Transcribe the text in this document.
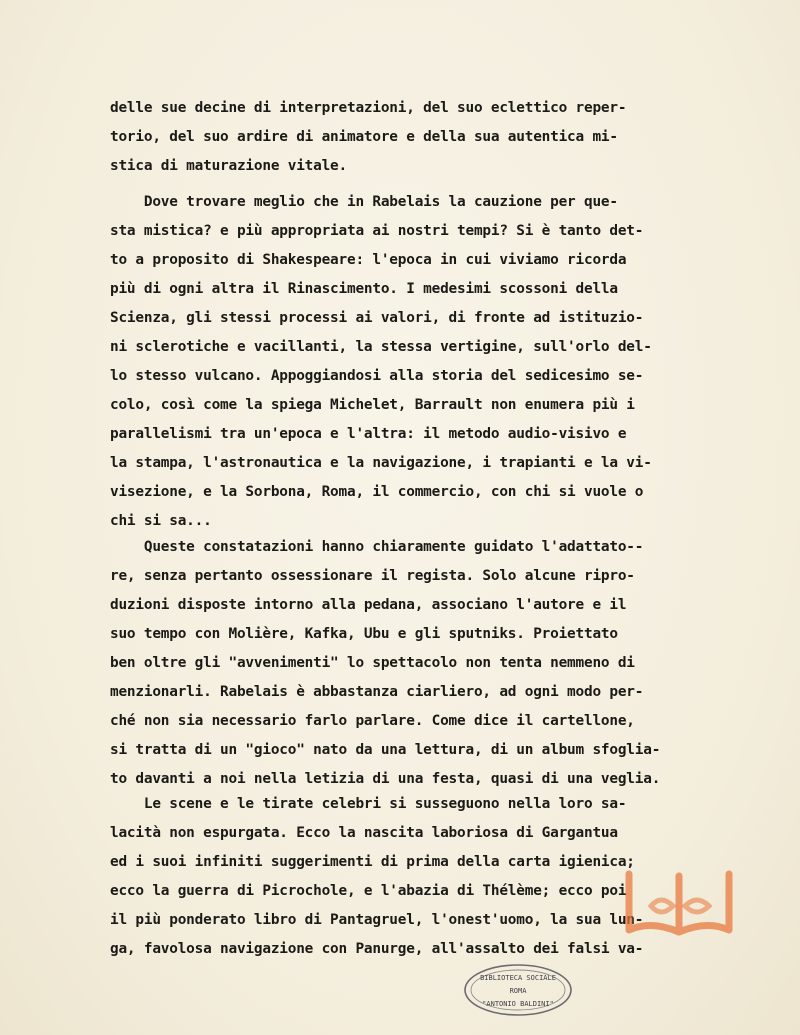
delle sue decine di interpretazioni, del suo eclettico reper-
torio, del suo ardire di animatore e della sua autentica mi-
stica di maturazione vitale.
Dove trovare meglio che in Rabelais la cauzione per que-
sta mistica? e più appropriata ai nostri tempi? Si è tanto det-
to a proposito di Shakespeare: l'epoca in cui viviamo ricorda
più di ogni altra il Rinascimento. I medesimi scossoni della
Scienza, gli stessi processi ai valori, di fronte ad istituzio-
ni sclerotiche e vacillanti, la stessa vertigine, sull'orlo del-
lo stesso vulcano. Appoggiandosi alla storia del sedicesimo se-
colo, così come la spiega Michelet, Barrault non enumera più i
parallelismi tra un'epoca e l'altra: il metodo audio-visivo e
la stampa, l'astronautica e la navigazione, i trapianti e la vi-
visezione, e la Sorbona, Roma, il commercio, con chi si vuole o
chi si sa...
Queste constatazioni hanno chiaramente guidato l'adattato--
re, senza pertanto ossessionare il regista. Solo alcune ripro-
duzioni disposte intorno alla pedana, associano l'autore e il
suo tempo con Molière, Kafka, Ubu e gli sputniks. Proiettato
ben oltre gli "avvenimenti" lo spettacolo non tenta nemmeno di
menzionarli. Rabelais è abbastanza ciarliero, ad ogni modo per-
ché non sia necessario farlo parlare. Come dice il cartellone,
si tratta di un "gioco" nato da una lettura, di un album sfoglia-
to davanti a noi nella letizia di una festa, quasi di una veglia.
Le scene e le tirate celebri si susseguono nella loro sa-
lacità non espurgata. Ecco la nascita laboriosa di Gargantua
ed i suoi infiniti suggerimenti di prima della carta igienica;
ecco la guerra di Picrochole, e l'abazia di Thélème; ecco poi
il più ponderato libro di Pantagruel, l'onest'uomo, la sua lun-
ga, favolosa navigazione con Panurge, all'assalto dei falsi va-
BIBLIOTECA SOCIALE
ROMA
"ANTONIO BALDINI"
